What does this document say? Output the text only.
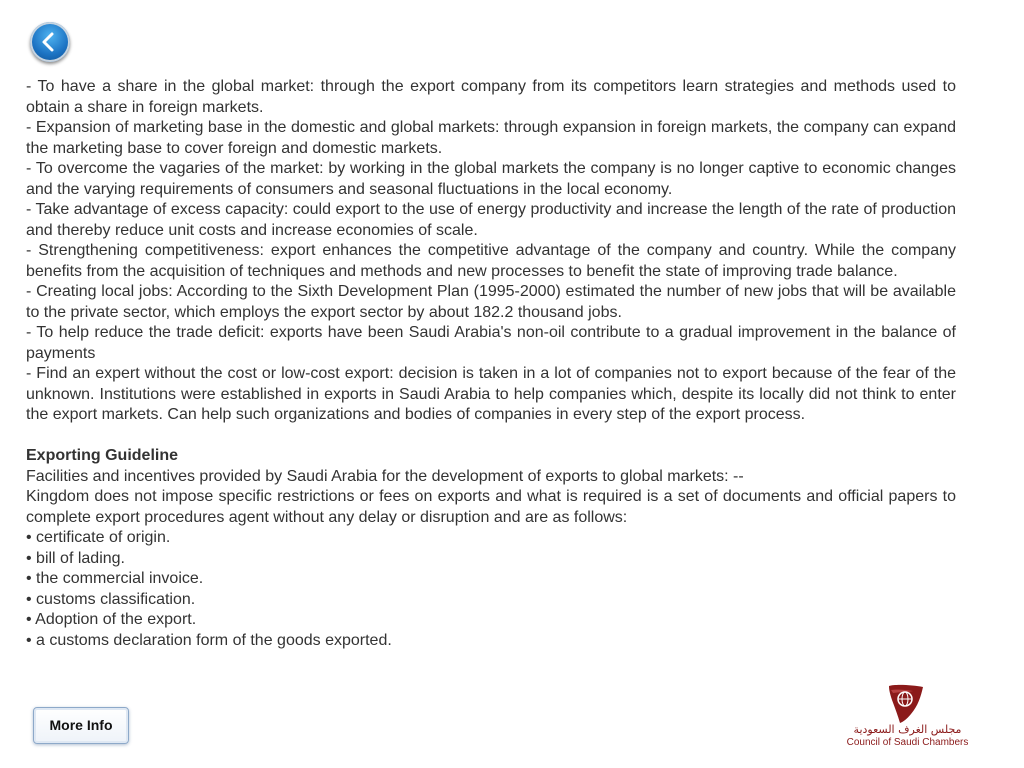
- To have a share in the global market: through the export company from its competitors learn strategies and methods used to obtain a share in foreign markets.

- Expansion of marketing base in the domestic and global markets: through expansion in foreign markets, the company can expand the marketing base to cover foreign and domestic markets.

- To overcome the vagaries of the market: by working in the global markets the company is no longer captive to economic changes and the varying requirements of consumers and seasonal fluctuations in the local economy.

- Take advantage of excess capacity: could export to the use of energy productivity and increase the length of the rate of production and thereby reduce unit costs and increase economies of scale.

- Strengthening competitiveness: export enhances the competitive advantage of the company and country. While the company benefits from the acquisition of techniques and methods and new processes to benefit the state of improving trade balance.

- Creating local jobs: According to the Sixth Development Plan (1995-2000) estimated the number of new jobs that will be available to the private sector, which employs the export sector by about 182.2 thousand jobs.

- To help reduce the trade deficit: exports have been Saudi Arabia's non-oil contribute to a gradual improvement in the balance of payments

- Find an expert without the cost or low-cost export: decision is taken in a lot of companies not to export because of the fear of the unknown. Institutions were established in exports in Saudi Arabia to help companies which, despite its locally did not think to enter the export markets. Can help such organizations and bodies of companies in every step of the export process.

Exporting Guideline

Facilities and incentives provided by Saudi Arabia for the development of exports to global markets: --

Kingdom does not impose specific restrictions or fees on exports and what is required is a set of documents and official papers to complete export procedures agent without any delay or disruption and are as follows:

• certificate of origin.

• bill of lading.

• the commercial invoice.

• customs classification.

• Adoption of the export.

• a customs declaration form of the goods exported.

More Info	مجلس الغرف السعودية
Council of Saudi Chambers
